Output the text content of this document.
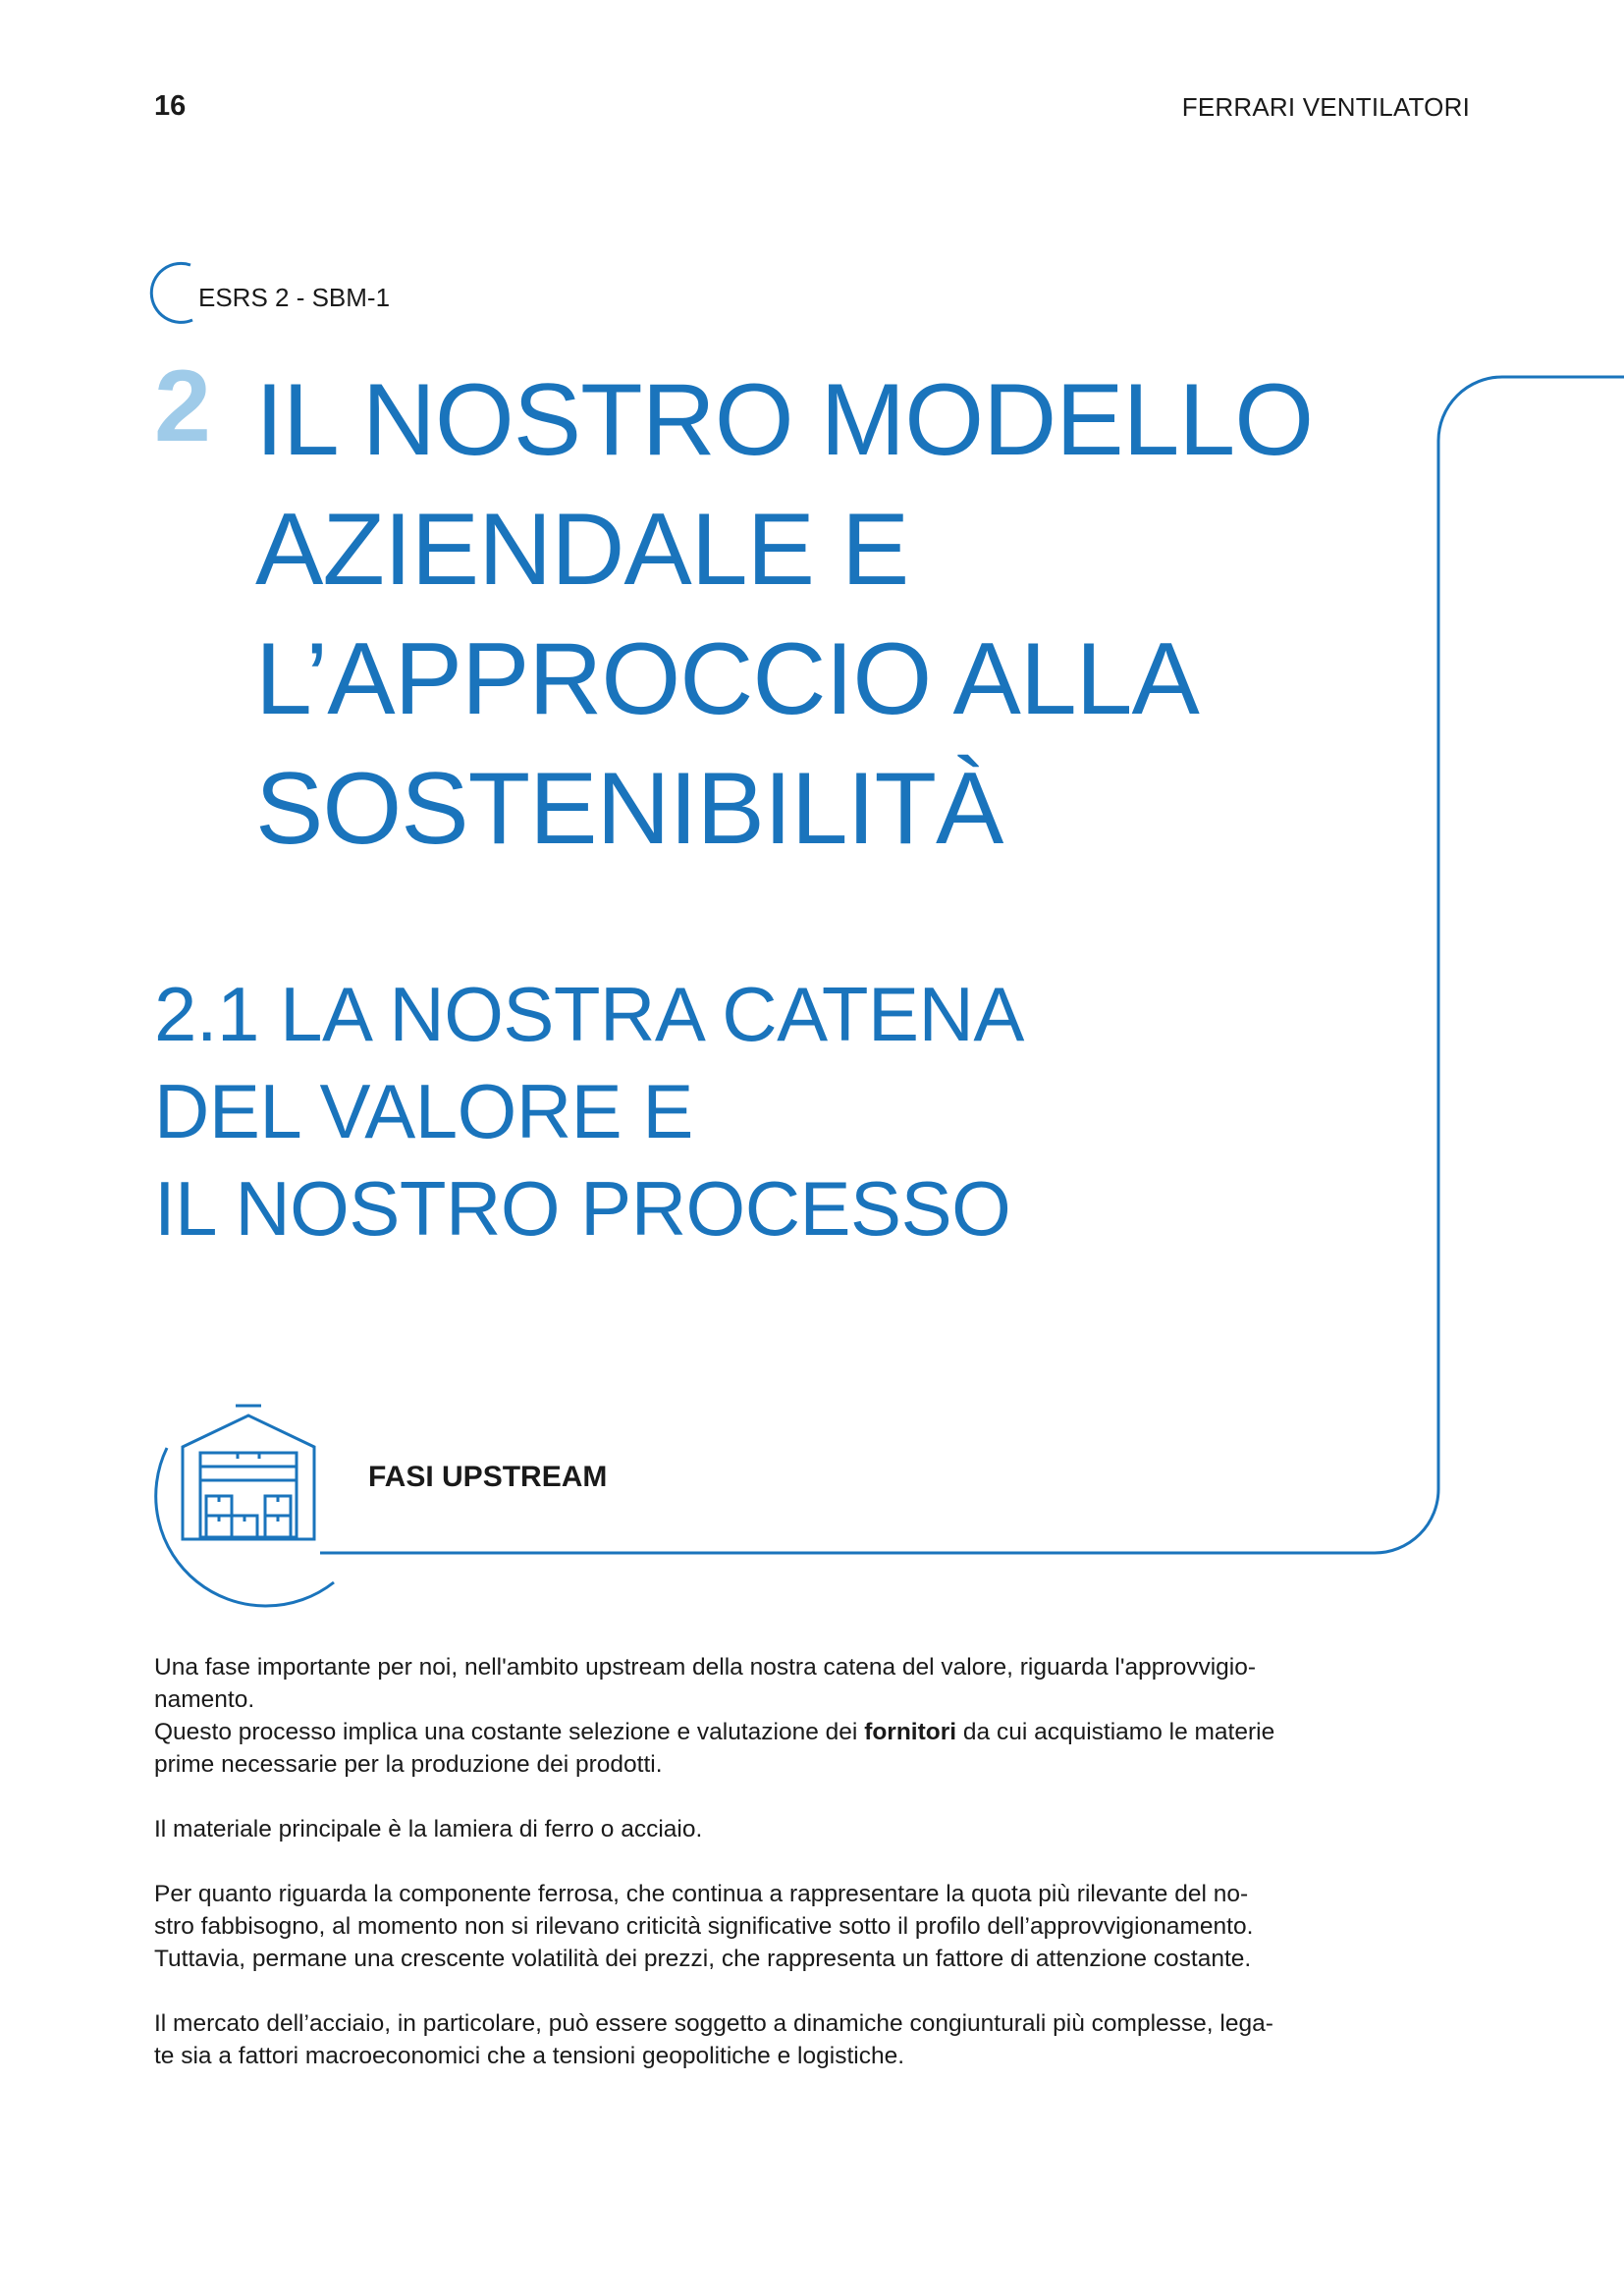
16	FERRARI VENTILATORI
ESRS 2 - SBM-1
2 IL NOSTRO MODELLO
AZIENDALE E
L’APPROCCIO ALLA
SOSTENIBILITÀ
2.1 LA NOSTRA CATENA
DEL VALORE E
IL NOSTRO PROCESSO
FASI UPSTREAM

Una fase importante per noi, nell'ambito upstream della nostra catena del valore, riguarda l'approvvigio-
namento.
Questo processo implica una costante selezione e valutazione dei fornitori da cui acquistiamo le materie
prime necessarie per la produzione dei prodotti.

Il materiale principale è la lamiera di ferro o acciaio.

Per quanto riguarda la componente ferrosa, che continua a rappresentare la quota più rilevante del no-
stro fabbisogno, al momento non si rilevano criticità significative sotto il profilo dell’approvvigionamento.
Tuttavia, permane una crescente volatilità dei prezzi, che rappresenta un fattore di attenzione costante.

Il mercato dell’acciaio, in particolare, può essere soggetto a dinamiche congiunturali più complesse, lega-
te sia a fattori macroeconomici che a tensioni geopolitiche e logistiche.
